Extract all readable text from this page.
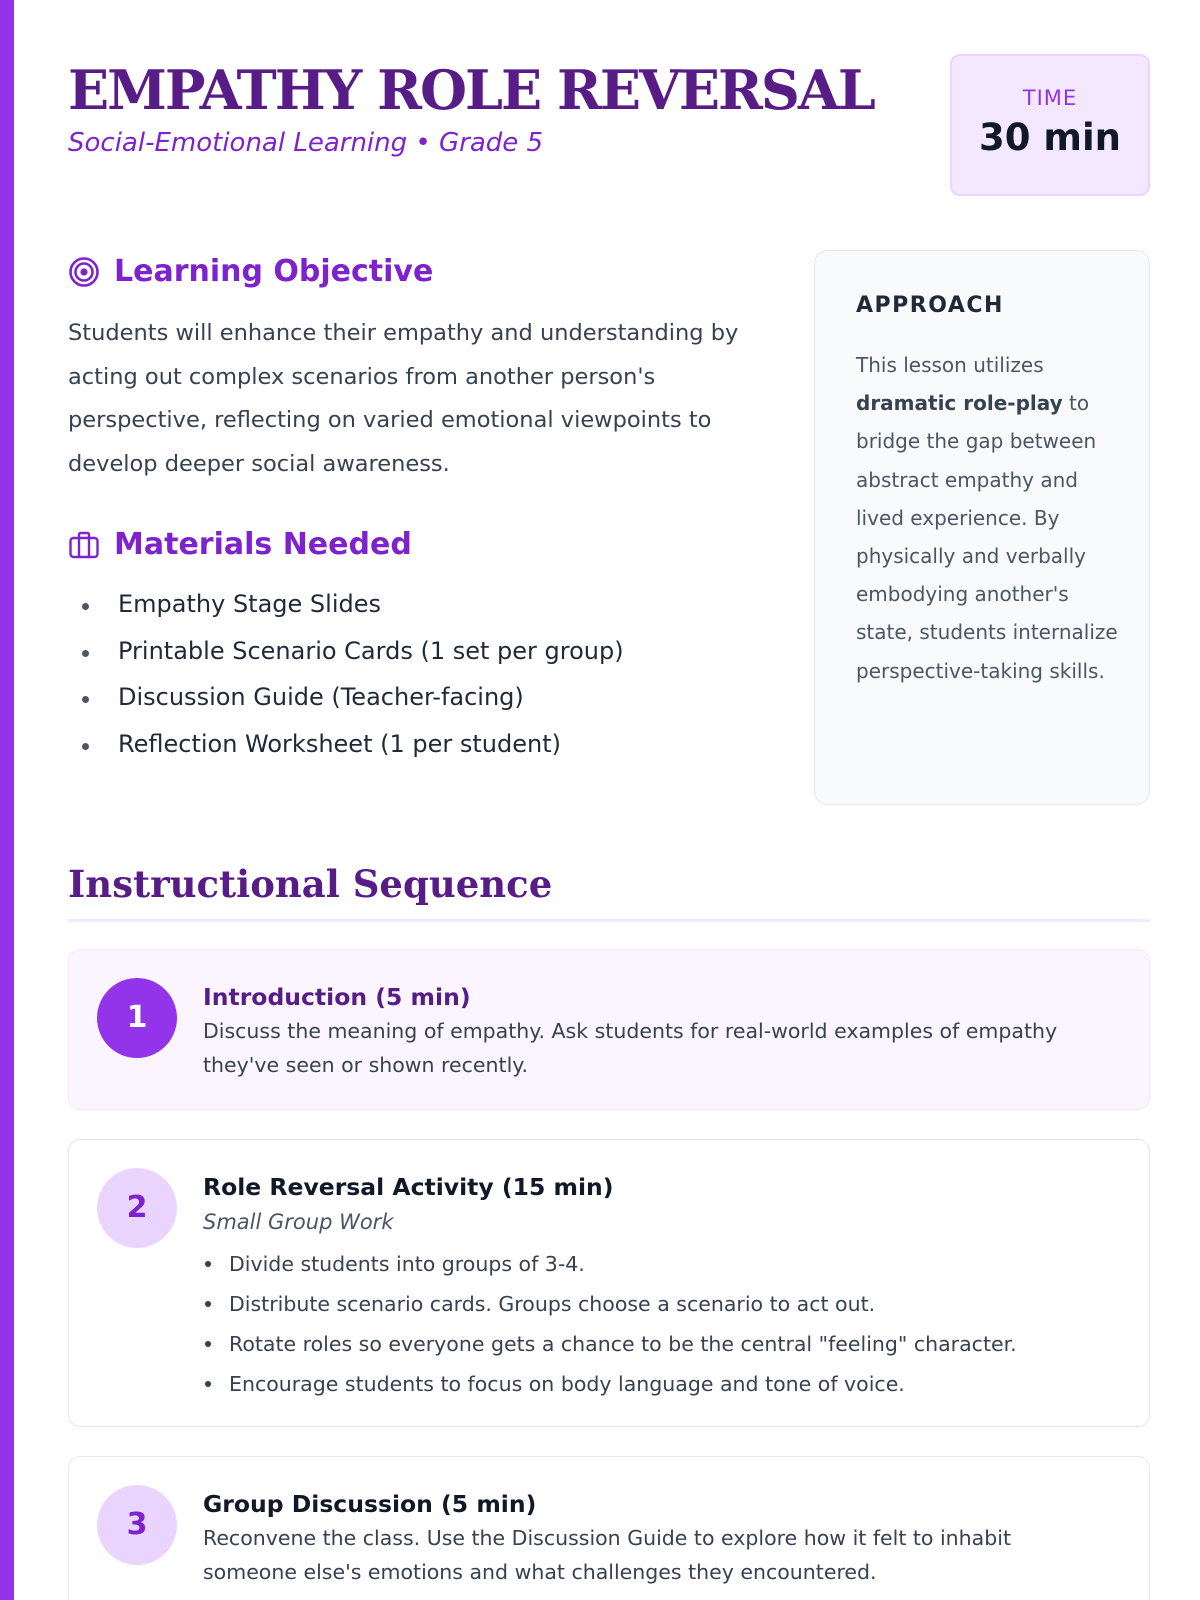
EMPATHY ROLE REVERSAL
Social-Emotional Learning • Grade 5
TIME
30 min
Learning Objective

Students will enhance their empathy and understanding by acting out complex scenarios from another person's perspective, reflecting on varied emotional viewpoints to develop deeper social awareness.

Materials Needed
Empathy Stage Slides
Printable Scenario Cards (1 set per group)
Discussion Guide (Teacher-facing)
Reflection Worksheet (1 per student)
APPROACH

This lesson utilizes dramatic role-play to bridge the gap between abstract empathy and lived experience. By physically and verbally embodying another's state, students internalize perspective-taking skills.

Instructional Sequence
1
Introduction (5 min)
Discuss the meaning of empathy. Ask students for real-world examples of empathy they've seen or shown recently.
2
Role Reversal Activity (15 min)
Small Group Work
Divide students into groups of 3-4.
Distribute scenario cards. Groups choose a scenario to act out.
Rotate roles so everyone gets a chance to be the central "feeling" character.
Encourage students to focus on body language and tone of voice.
3
Group Discussion (5 min)
Reconvene the class. Use the Discussion Guide to explore how it felt to inhabit someone else's emotions and what challenges they encountered.
